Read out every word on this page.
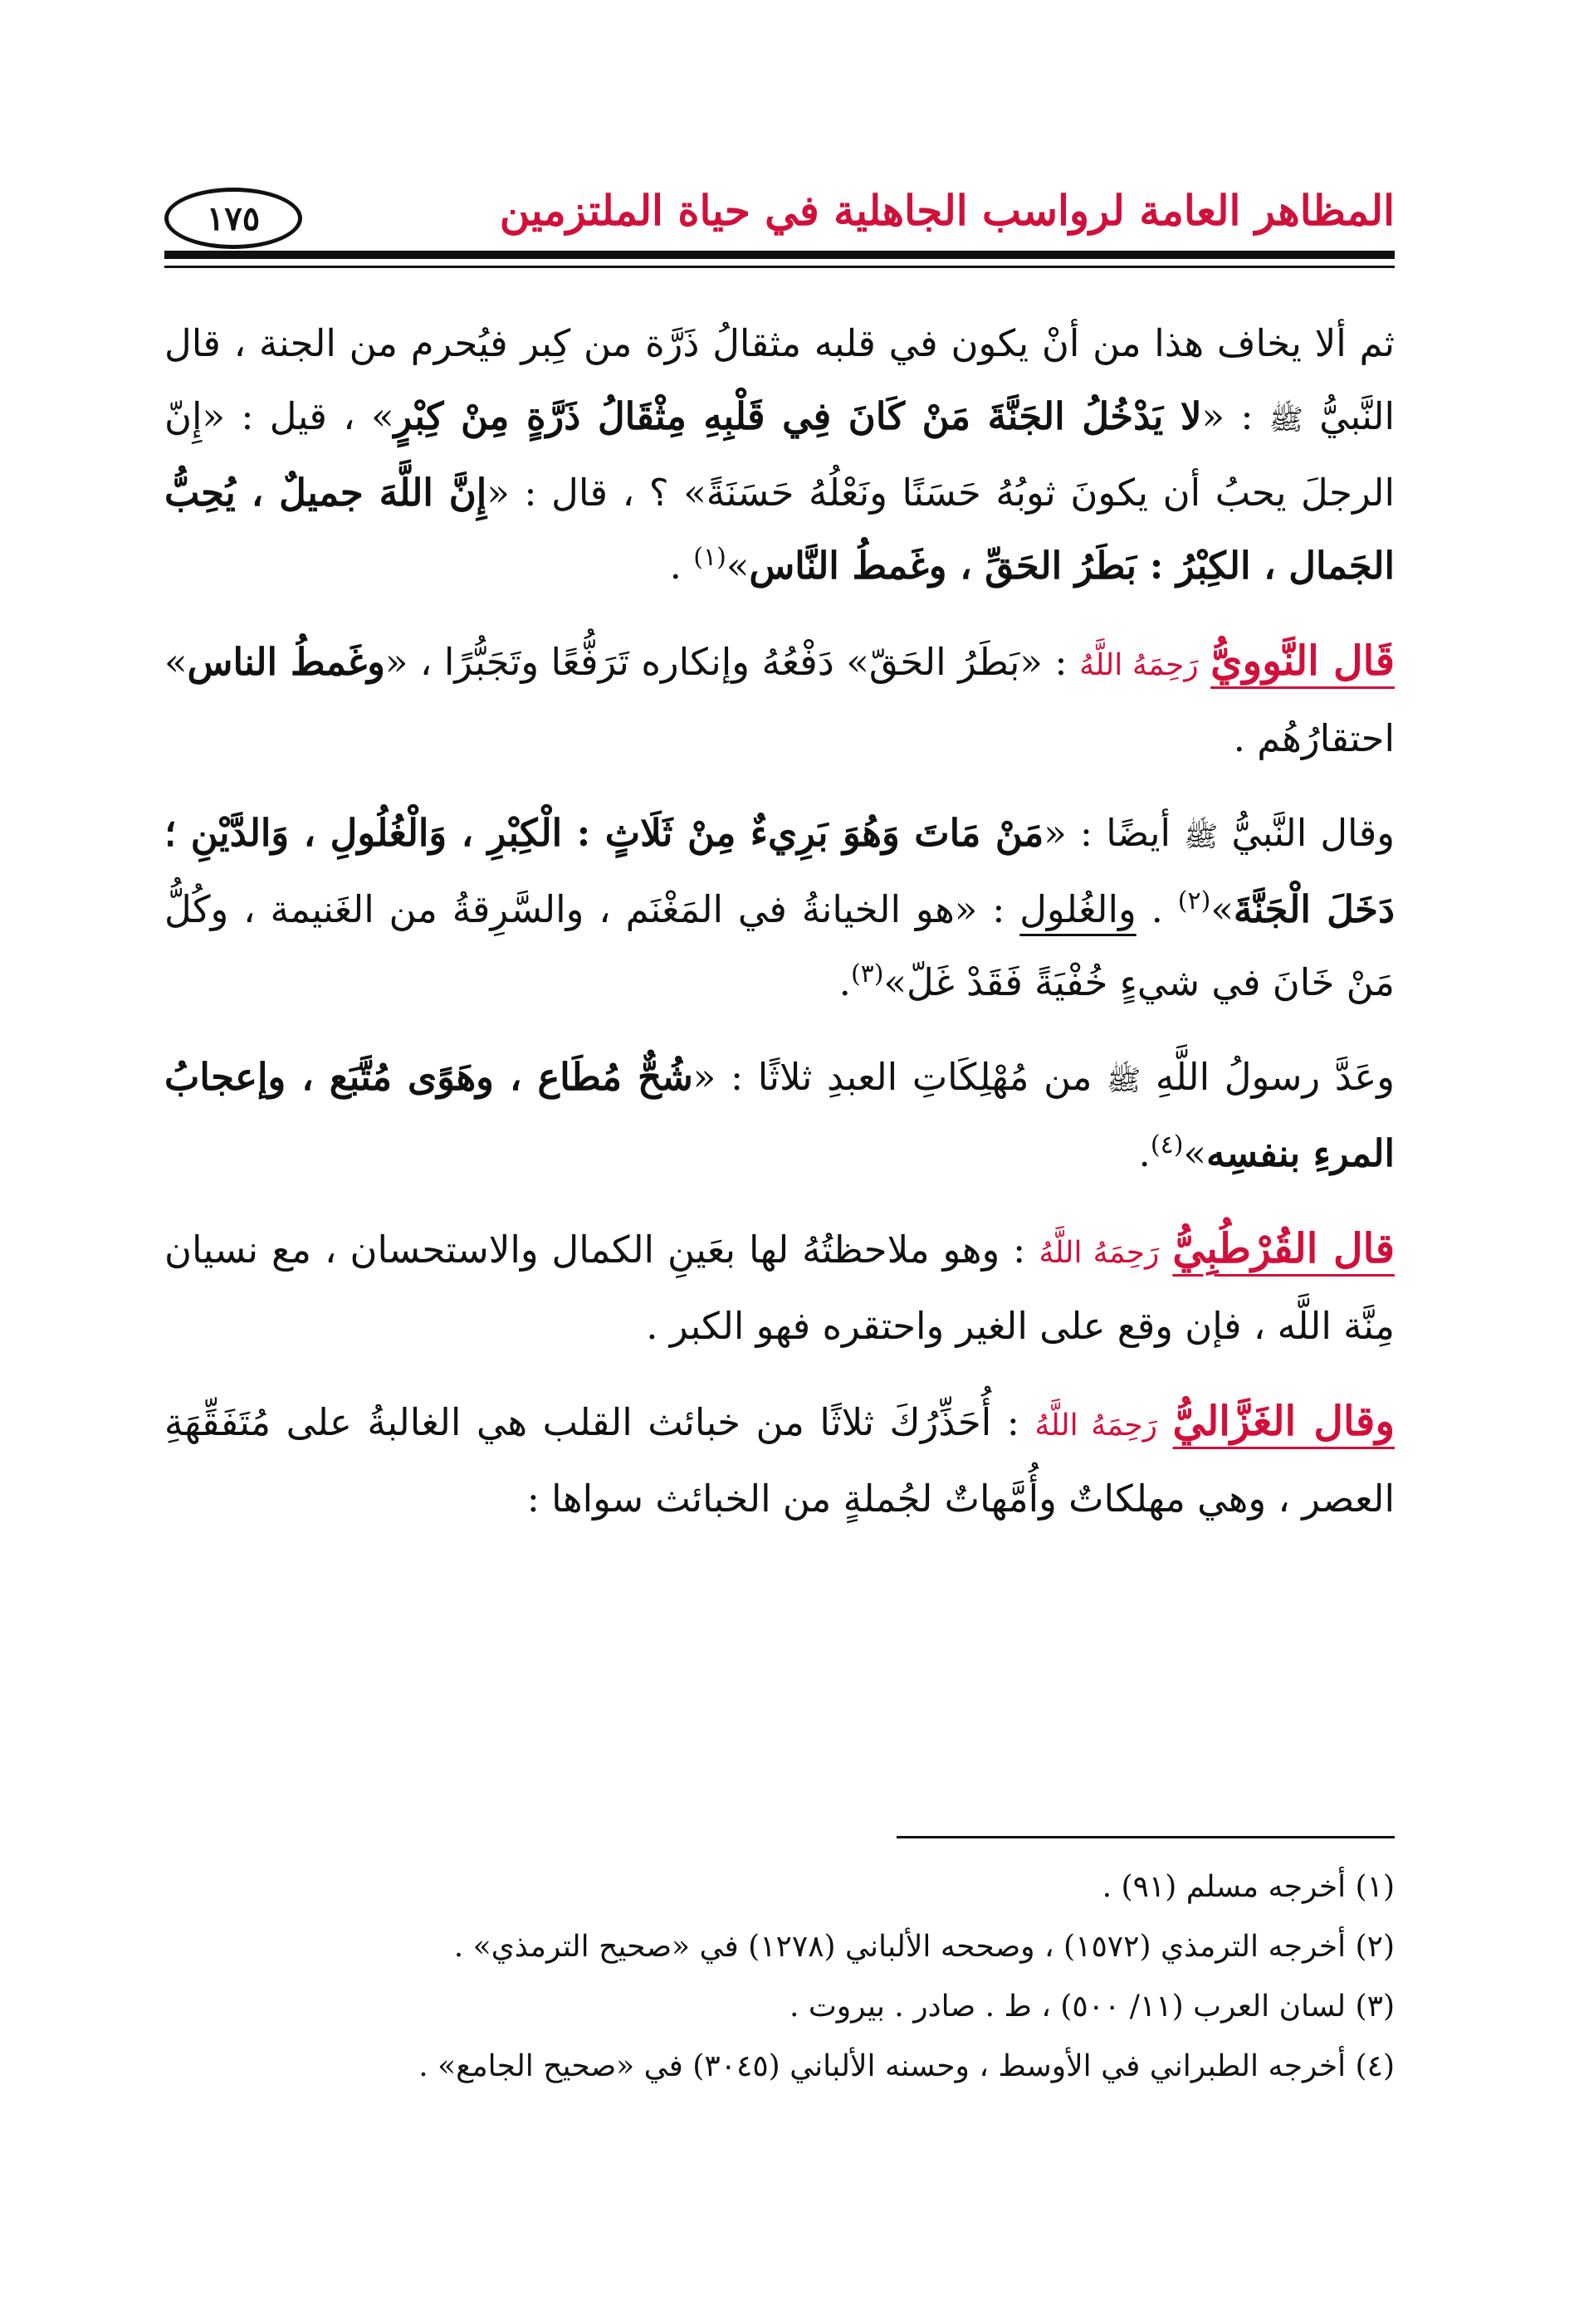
١٧٥	المظاهر العامة لرواسب الجاهلية في حياة الملتزمين

ثم ألا يخاف هذا من أنْ يكون في قلبه مثقالُ ذَرَّة من كِبر فيُحرم من الجنة ، قال النَّبيُّ ﷺ : «لا يَدْخُلُ الجَنَّةَ مَنْ كَانَ فِي قَلْبِهِ مِثْقَالُ ذَرَّةٍ مِنْ كِبْرٍ» ، قيل : «إِنّ الرجلَ يحبُ أن يكونَ ثوبُهُ حَسَنًا ونَعْلُهُ حَسَنَةً» ؟ ، قال : «إِنَّ اللَّهَ جميلٌ ، يُحِبُّ الجَمال ، الكِبْرُ : بَطَرُ الحَقِّ ، وغَمطُ النَّاس»$^{(١)}$ .

قَال النَّوويُّ رَحِمَهُ اللَّهُ : «بَطَرُ الحَقّ» دَفْعُهُ وإنكاره تَرَفُّعًا وتَجَبُّرًا ، «وغَمطُ الناس» احتقارُهُم .

وقال النَّبيُّ ﷺ أيضًا : «مَنْ مَاتَ وَهُوَ بَرِيءٌ مِنْ ثَلَاثٍ : الْكِبْرِ ، وَالْغُلُولِ ، وَالدَّيْنِ ؛ دَخَلَ الْجَنَّةَ»$^{(٢)}$ . والغُلول : «هو الخيانةُ في المَغْنَم ، والسَّرِقةُ من الغَنيمة ، وكُلُّ مَنْ خَانَ في شيءٍ خُفْيَةً فَقَدْ غَلّ»$^{(٣)}$.

وعَدَّ رسولُ اللَّهِ ﷺ من مُهْلِكَاتِ العبدِ ثلاثًا : «شُحٌّ مُطَاع ، وهَوًى مُتَّبَع ، وإعجابُ المرءِ بنفسِه»$^{(٤)}$.

قال القُرْطُبِيُّ رَحِمَهُ اللَّهُ : وهو ملاحظتُهُ لها بعَينِ الكمال والاستحسان ، مع نسيان مِنَّة اللَّه ، فإن وقع على الغير واحتقره فهو الكبر .

وقال الغَزَّاليُّ رَحِمَهُ اللَّهُ : أُحَذِّرُكَ ثلاثًا من خبائث القلب هي الغالبةُ على مُتَفَقِّهَةِ العصر ، وهي مهلكاتٌ وأُمَّهاتٌ لجُملةٍ من الخبائث سواها :

(١) أخرجه مسلم (٩١) .

(٢) أخرجه الترمذي (١٥٧٢) ، وصححه الألباني (١٢٧٨) في «صحيح الترمذي» .

(٣) لسان العرب (١١/ ٥٠٠) ، ط . صادر . بيروت .

(٤) أخرجه الطبراني في الأوسط ، وحسنه الألباني (٣٠٤٥) في «صحيح الجامع» .
